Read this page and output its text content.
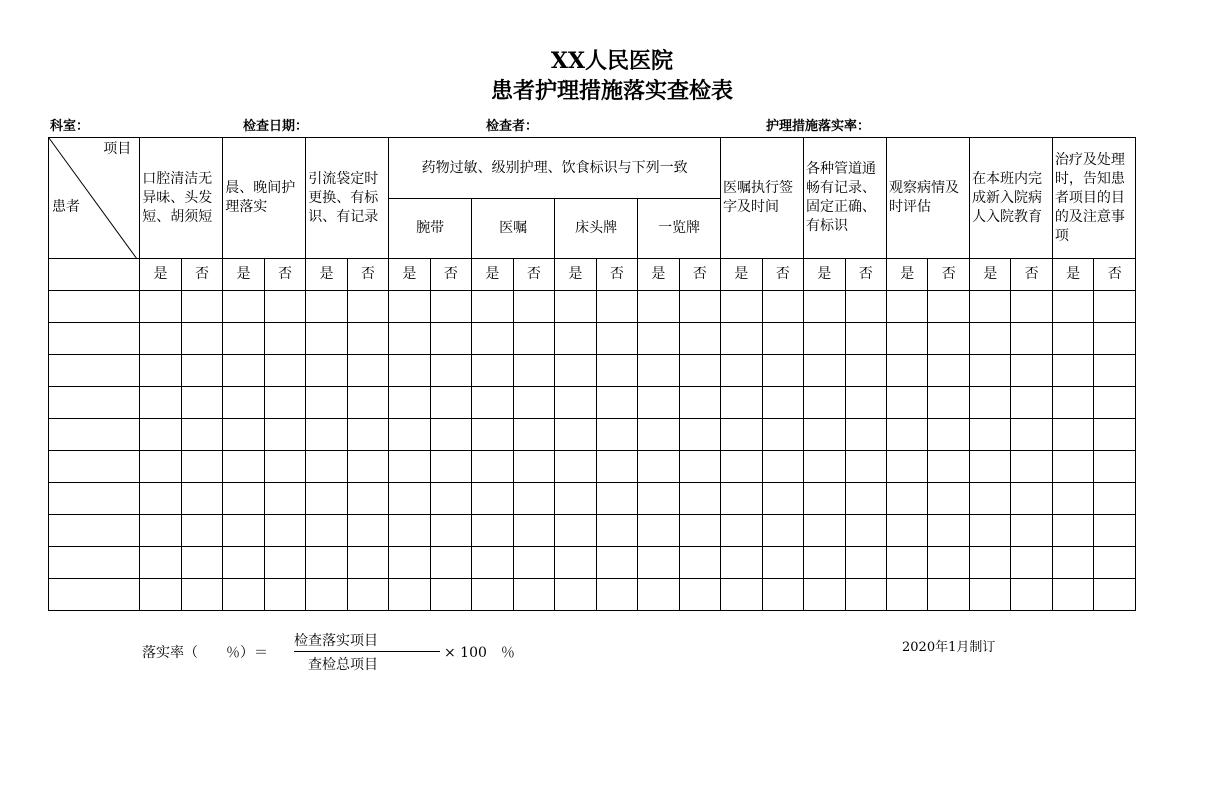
XX人民医院
患者护理措施落实查检表
科室：	检查日期：	检查者：	护理措施落实率：
项目
患者	口腔清洁无异味、头发短、胡须短		晨、晚间护理落实		引流袋定时更换、有标识、有记录		药物过敏、级别护理、饮食标识与下列一致								医嘱执行签字及时间		各种管道通畅有记录、固定正确、有标识		观察病情及时评估		在本班内完成新入院病人入院教育		治疗及处理时，告知患者项目的目的及注意事项	
							腕带		医嘱		床头牌		一览牌											
	是	否	是	否	是	否	是	否	是	否	是	否	是	否	是	否	是	否	是	否	是	否	是	否

落实率（　　％）＝
检查落实项目
查检总项目
× 100　％	2020年1月制订
